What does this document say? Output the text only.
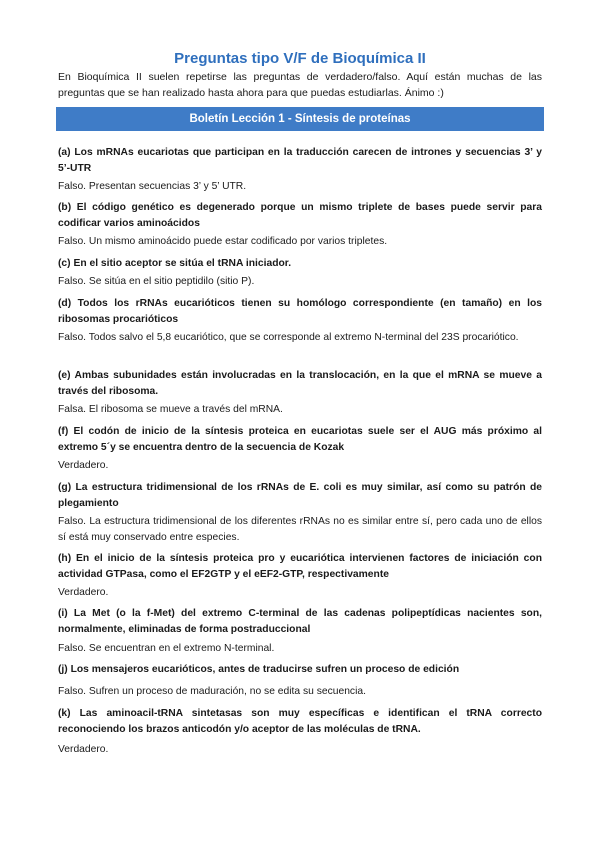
Preguntas tipo V/F de Bioquímica II
En Bioquímica II suelen repetirse las preguntas de verdadero/falso. Aquí están muchas de las preguntas que se han realizado hasta ahora para que puedas estudiarlas. Ánimo :)
Boletín Lección 1 - Síntesis de proteínas
(a) Los mRNAs eucariotas que participan en la traducción carecen de intrones y secuencias 3’ y 5’-UTR
Falso. Presentan secuencias 3’ y 5’ UTR.
(b) El código genético es degenerado porque un mismo triplete de bases puede servir para codificar varios aminoácidos
Falso. Un mismo aminoácido puede estar codificado por varios tripletes.
(c) En el sitio aceptor se sitúa el tRNA iniciador.
Falso. Se sitúa en el sitio peptidilo (sitio P).
(d) Todos los rRNAs eucarióticos tienen su homólogo correspondiente (en tamaño) en los ribosomas procarióticos
Falso. Todos salvo el 5,8 eucariótico, que se corresponde al extremo N-terminal del 23S procariótico.
(e) Ambas subunidades están involucradas en la translocación, en la que el mRNA se mueve a través del ribosoma.
Falsa. El ribosoma se mueve a través del mRNA.
(f) El codón de inicio de la síntesis proteica en eucariotas suele ser el AUG más próximo al extremo 5´y se encuentra dentro de la secuencia de Kozak
Verdadero.
(g) La estructura tridimensional de los rRNAs de E. coli es muy similar, así como su patrón de plegamiento
Falso. La estructura tridimensional de los diferentes rRNAs no es similar entre sí, pero cada uno de ellos sí está muy conservado entre especies.
(h) En el inicio de la síntesis proteica pro y eucariótica intervienen factores de iniciación con actividad GTPasa, como el EF2GTP y el eEF2-GTP, respectivamente
Verdadero.
(i) La Met (o la f-Met) del extremo C-terminal de las cadenas polipeptídicas nacientes son, normalmente, eliminadas de forma postraduccional
Falso. Se encuentran en el extremo N-terminal.
(j) Los mensajeros eucarióticos, antes de traducirse sufren un proceso de edición
Falso. Sufren un proceso de maduración, no se edita su secuencia.
(k) Las aminoacil-tRNA sintetasas son muy específicas e identifican el tRNA correcto reconociendo los brazos anticodón y/o aceptor de las moléculas de tRNA.
Verdadero.
